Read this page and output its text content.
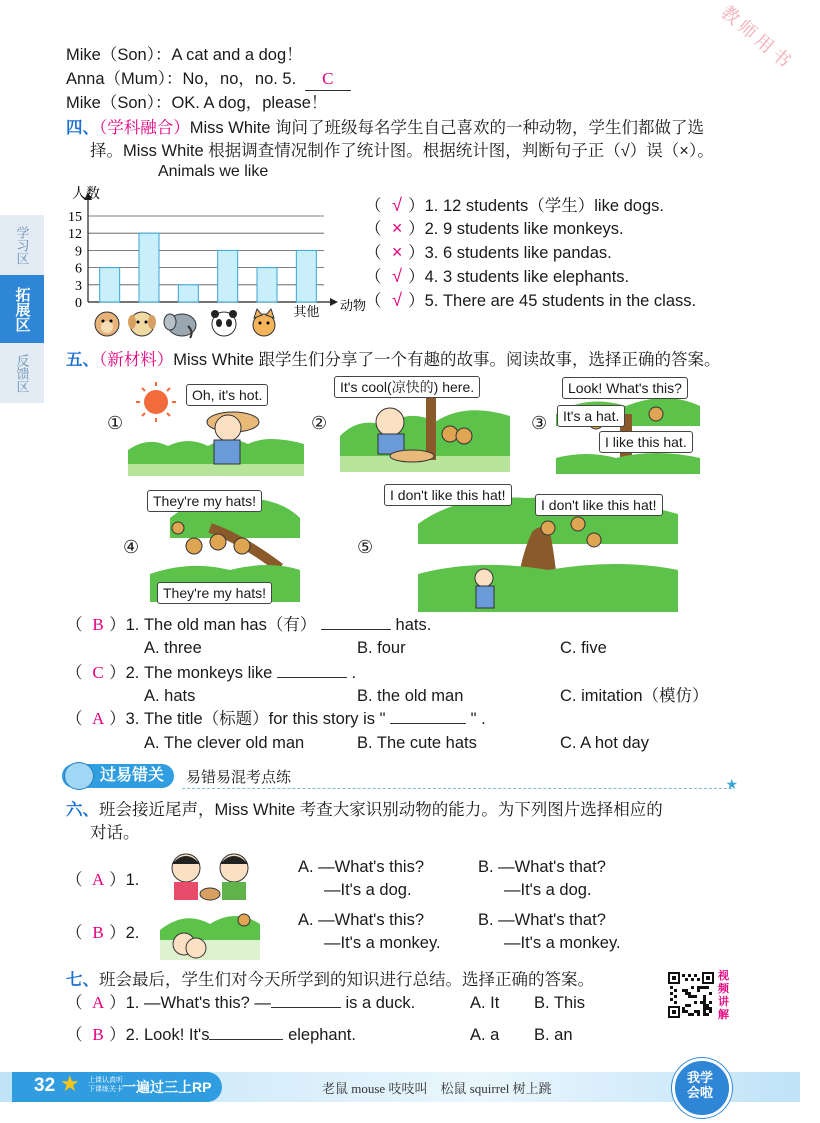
教师用书
学习区
拓展区
反馈区
Mike（Son）：A cat and a dog！
Anna（Mum）：No，no，no. 5. C
Mike（Son）：OK. A dog，please！
四、（学科融合）Miss White 询问了班级每名学生自己喜欢的一种动物，学生们都做了选
择。Miss White 根据调查情况制作了统计图。根据统计图，判断句子正（√）误（×）。
Animals we like
0
3
6
9
12
15
人数
动物
其他
（ √ ）1. 12 students（学生）like dogs.
（ × ）2. 9 students like monkeys.
（ × ）3. 6 students like pandas.
（ √ ）4. 3 students like elephants.
（ √ ）5. There are 45 students in the class.
五、（新材料）Miss White 跟学生们分享了一个有趣的故事。阅读故事，选择正确的答案。
①
Oh, it's hot.
②
It's cool(凉快的) here.
③
Look! What's this?
It's a hat.
I like this hat.
④
They're my hats!
They're my hats!
⑤
I don't like this hat!
I don't like this hat!
（ B ）1. The old man has（有）	hats.
A. three	B. four	C. five
（ C ）2. The monkeys like	.
A. hats	B. the old man	C. imitation（模仿）
（ A ）3. The title（标题）for this story is "	" .
A. The clever old man	B. The cute hats	C. A hot day
过易错关	易错易混考点练	★
六、班会接近尾声，Miss White 考查大家识别动物的能力。为下列图片选择相应的
对话。
（ A ）1.
A. —What's this?
—It's a dog.
B. —What's that?
—It's a dog.
（ B ）2.
A. —What's this?
—It's a monkey.
B. —What's that?
—It's a monkey.
七、班会最后，学生们对今天所学到的知识进行总结。选择正确的答案。	视频讲解
（ A ）1. —What's this? —	is a duck.	A. It B. This
（ B ）2. Look! It's	elephant.	A. a B. an
32 ★ 上课认真听
下课练关卡 一遍过三上RP	老鼠 mouse 吱吱叫    松鼠 squirrel 树上跳
我学会啦
